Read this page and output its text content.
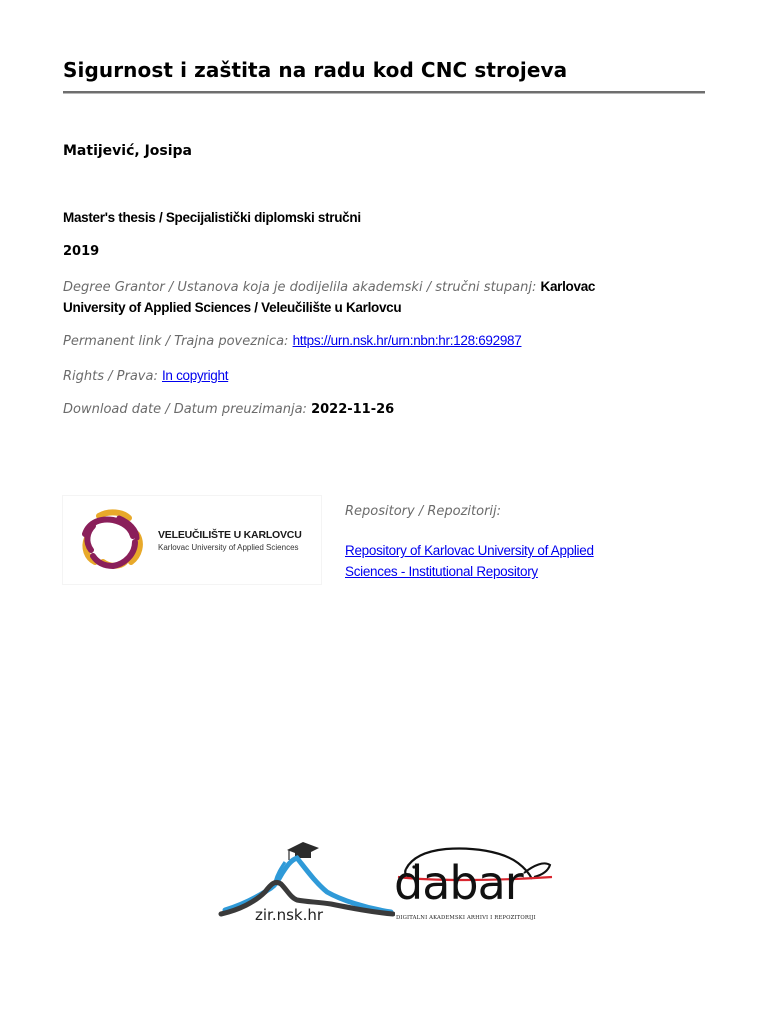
Sigurnost i zaštita na radu kod CNC strojeva
Matijević, Josipa
Master's thesis / Specijalistički diplomski stručni
2019
Degree Grantor / Ustanova koja je dodijelila akademski / stručni stupanj: Karlovac
University of Applied Sciences / Veleučilište u Karlovcu
Permanent link / Trajna poveznica: https://urn.nsk.hr/urn:nbn:hr:128:692987
Rights / Prava: In copyright
Download date / Datum preuzimanja: 2022-11-26
VELEUČILIŠTE U KARLOVCU
Karlovac University of Applied Sciences
Repository / Repozitorij:
Repository of Karlovac University of Applied Sciences - Institutional Repository
zir.nsk.hr
dabar
DIGITALNI AKADEMSKI ARHIVI I REPOZITORIJI
